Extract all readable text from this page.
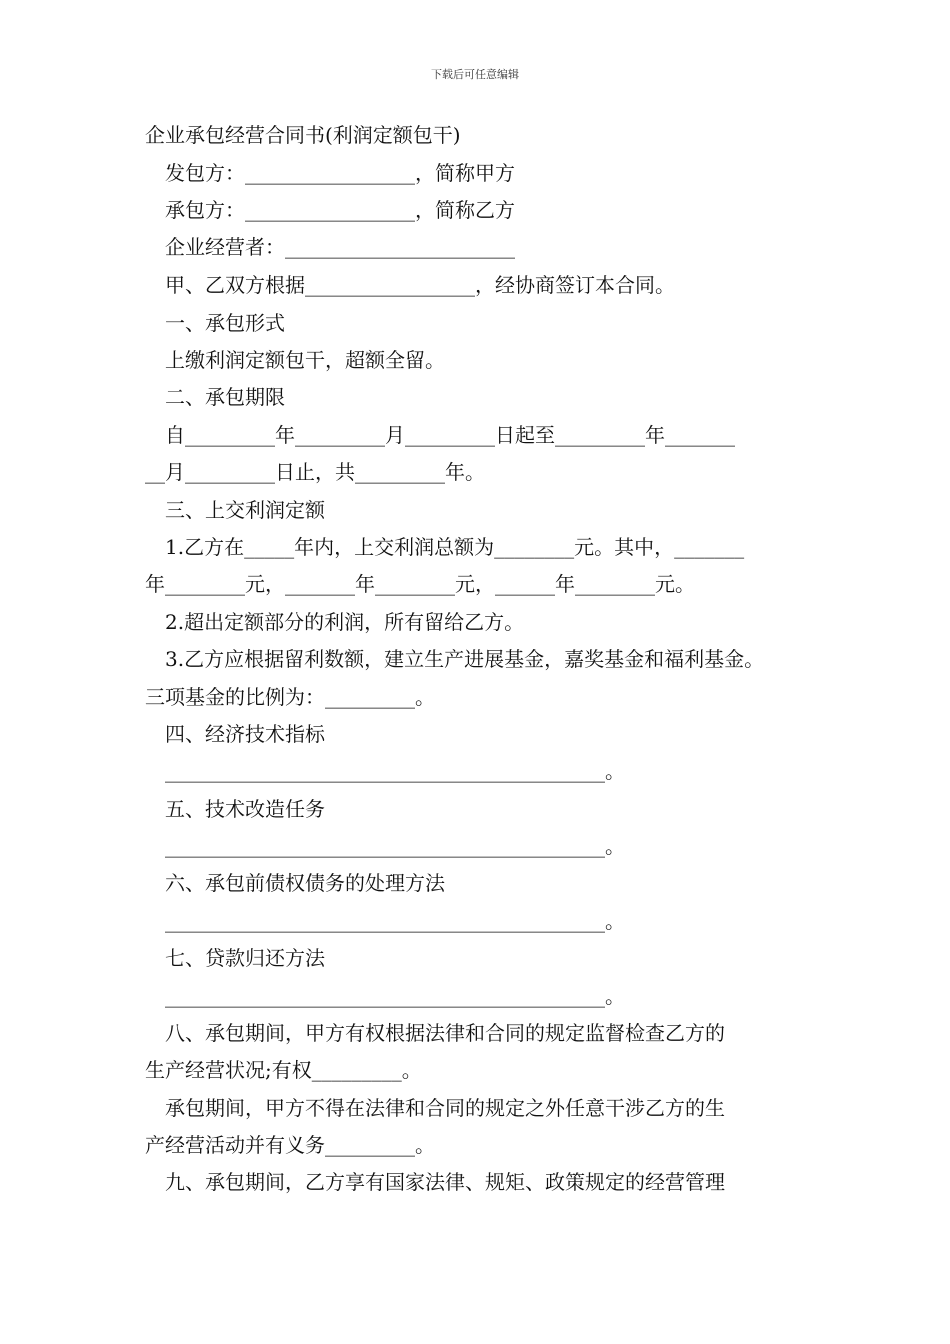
下载后可任意编辑
企业承包经营合同书(利润定额包干)
发包方：_________________，简称甲方
承包方：_________________，简称乙方
企业经营者：_______________________
甲、乙双方根据_________________，经协商签订本合同。
一、承包形式
上缴利润定额包干，超额全留。
二、承包期限
自_________年_________月_________日起至_________年_______
__月_________日止，共_________年。
三、上交利润定额
1.乙方在_____年内，上交利润总额为________元。其中，_______
年________元，_______年________元，______年________元。
2.超出定额部分的利润，所有留给乙方。
3.乙方应根据留利数额，建立生产进展基金，嘉奖基金和福利基金。
三项基金的比例为：_________。
四、经济技术指标
____________________________________________。
五、技术改造任务
____________________________________________。
六、承包前债权债务的处理方法
____________________________________________。
七、贷款归还方法
____________________________________________。
八、承包期间，甲方有权根据法律和合同的规定监督检查乙方的
生产经营状况;有权_________。
承包期间，甲方不得在法律和合同的规定之外任意干涉乙方的生
产经营活动并有义务_________。
九、承包期间，乙方享有国家法律、规矩、政策规定的经营管理
